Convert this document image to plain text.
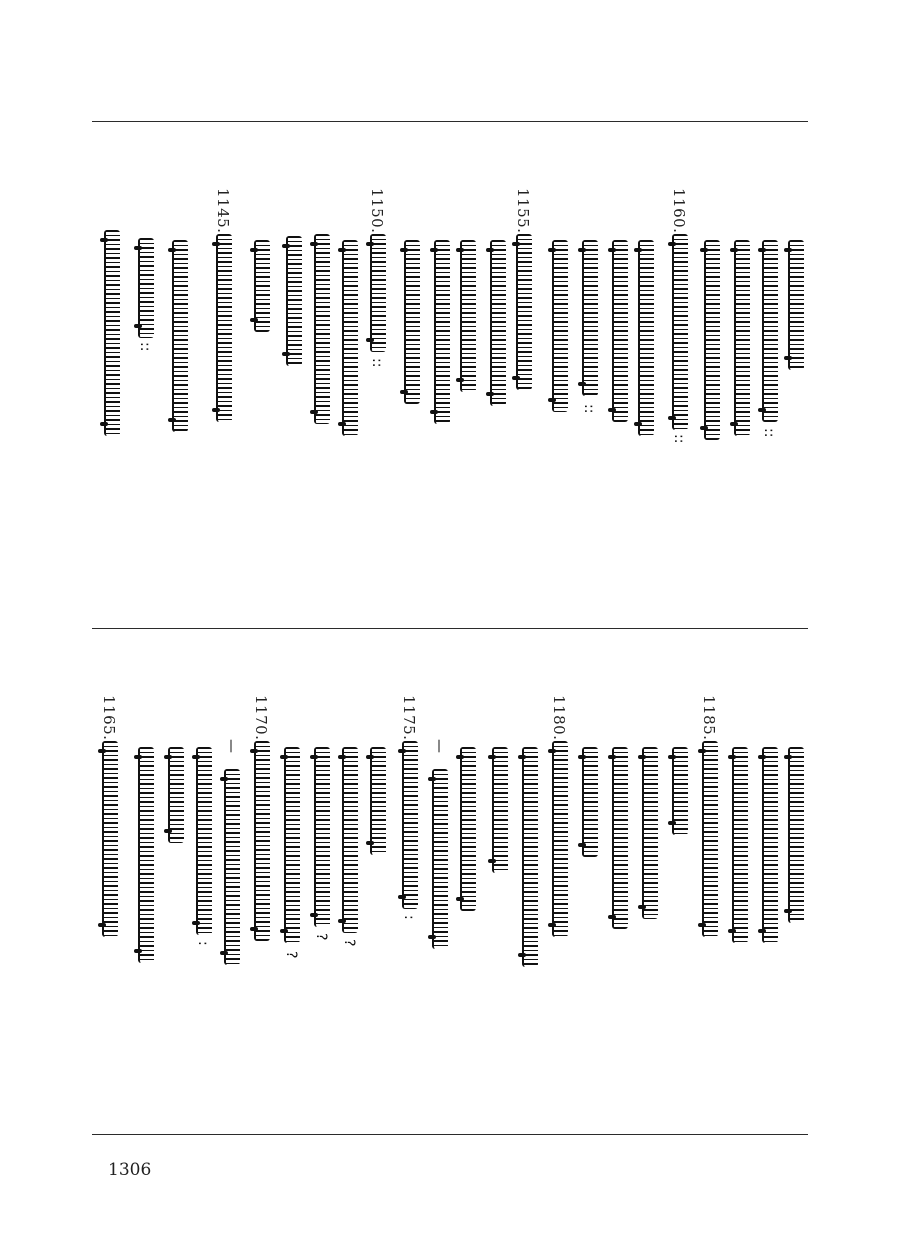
::
1145.	1150.
::
1155.
::
1160.
::
::
1165.
:
—
1170.
?
?
?
1175.
:
—
1180.	1185.
1306
